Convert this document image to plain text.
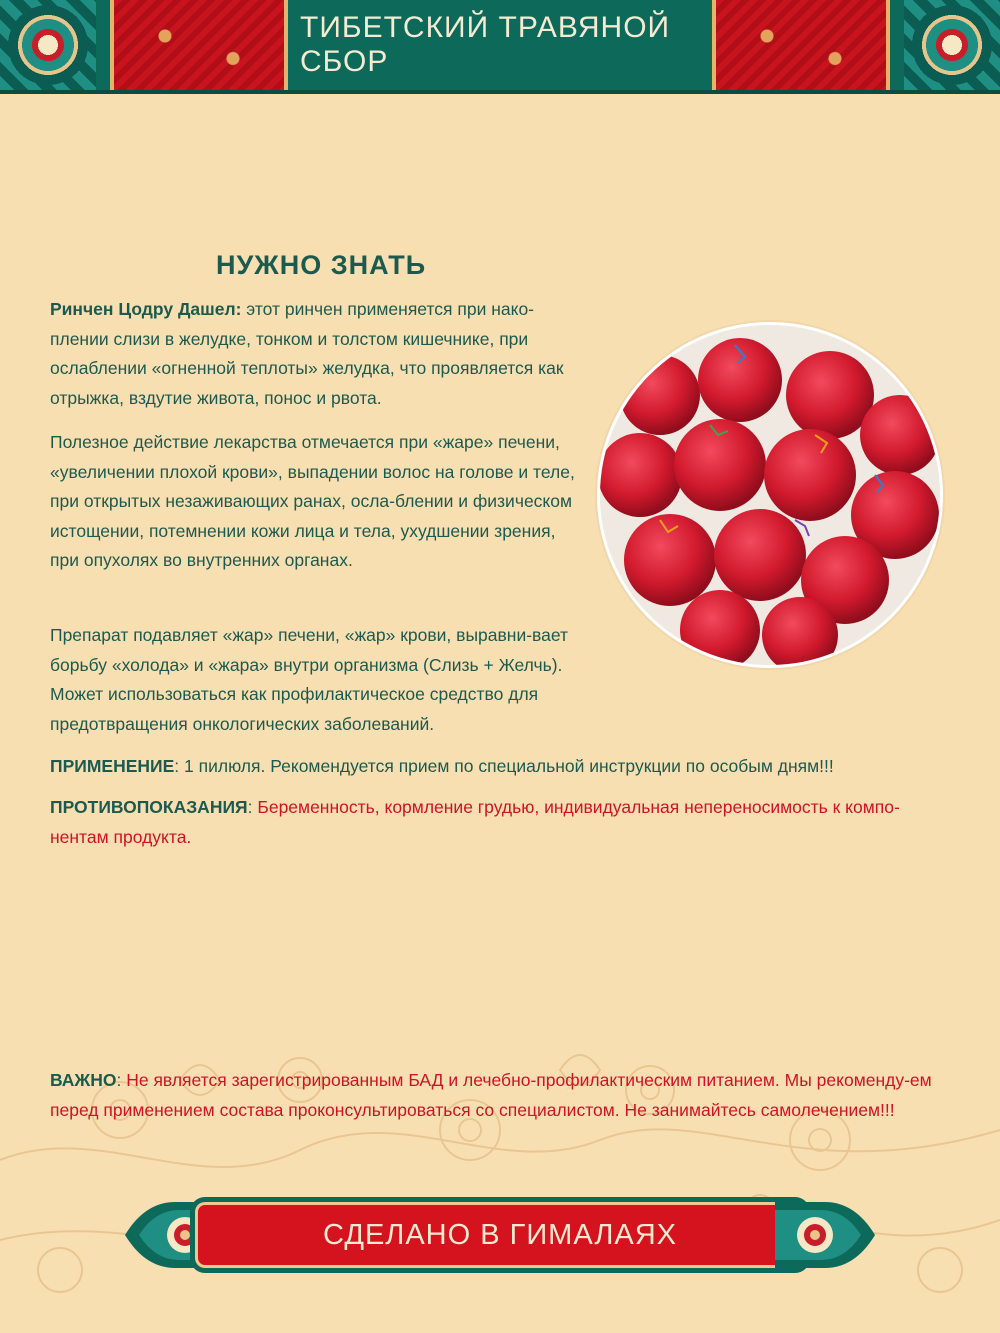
ТИБЕТСКИЙ ТРАВЯНОЙ СБОР
НУЖНО ЗНАТЬ

Ринчен Цодру Дашел: этот ринчен применяется при нако-плении слизи в желудке, тонком и толстом кишечнике, при ослаблении «огненной теплоты» желудка, что проявляется как отрыжка, вздутие живота, понос и рвота.

Полезное действие лекарства отмечается при «жаре» печени, «увеличении плохой крови», выпадении волос на голове и теле, при открытых незаживающих ранах, осла-блении и физическом истощении, потемнении кожи лица и тела, ухудшении зрения, при опухолях во внутренних органах.

Препарат подавляет «жар» печени, «жар» крови, выравни-вает борьбу «холода» и «жара» внутри организма (Слизь + Желчь). Может использоваться как профилактическое средство для предотвращения онкологических заболеваний.

ПРИМЕНЕНИЕ: 1 пилюля. Рекомендуется прием по специальной инструкции по особым дням!!!
ПРОТИВОПОКАЗАНИЯ: Беременность, кормление грудью, индивидуальная непереносимость к компо-нентам продукта.
ВАЖНО: Не является зарегистрированным БАД и лечебно-профилактическим питанием. Мы рекоменду-ем перед применением состава проконсультироваться со специалистом. Не занимайтесь самолечением!!!
СДЕЛАНО В ГИМАЛАЯХ
